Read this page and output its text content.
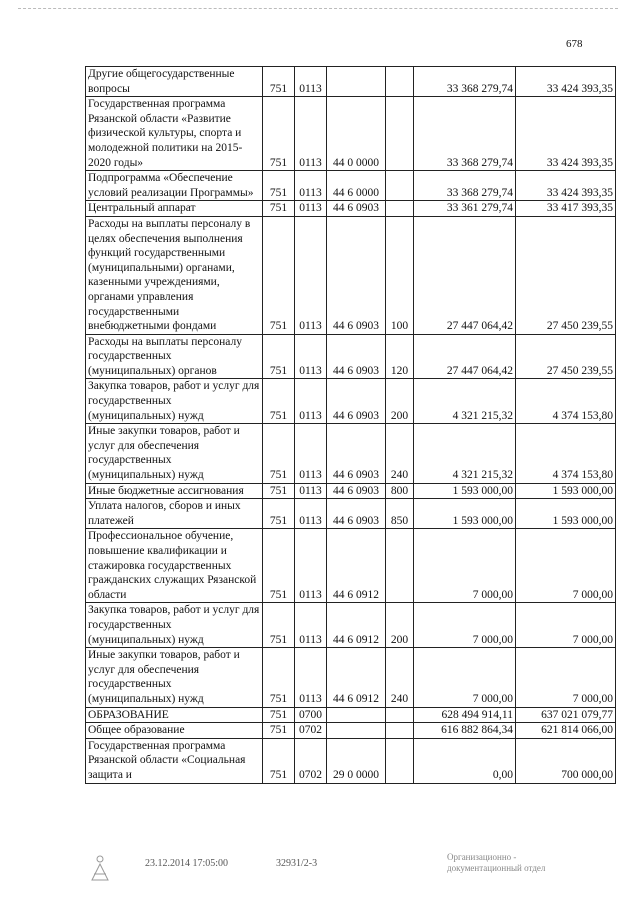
678
Другие общегосударственные вопросы	751	0113			33 368 279,74	33 424 393,35
Государственная программа Рязанской области «Развитие физической культуры, спорта и молодежной политики на 2015-2020 годы»	751	0113	44 0 0000		33 368 279,74	33 424 393,35
Подпрограмма «Обеспечение условий реализации Программы»	751	0113	44 6 0000		33 368 279,74	33 424 393,35
Центральный аппарат	751	0113	44 6 0903		33 361 279,74	33 417 393,35
Расходы на выплаты персоналу в целях обеспечения выполнения функций государственными (муниципальными) органами, казенными учреждениями, органами управления государственными внебюджетными фондами	751	0113	44 6 0903	100	27 447 064,42	27 450 239,55
Расходы на выплаты персоналу государственных (муниципальных) органов	751	0113	44 6 0903	120	27 447 064,42	27 450 239,55
Закупка товаров, работ и услуг для государственных (муниципальных) нужд	751	0113	44 6 0903	200	4 321 215,32	4 374 153,80
Иные закупки товаров, работ и услуг для обеспечения государственных (муниципальных) нужд	751	0113	44 6 0903	240	4 321 215,32	4 374 153,80
Иные бюджетные ассигнования	751	0113	44 6 0903	800	1 593 000,00	1 593 000,00
Уплата налогов, сборов и иных платежей	751	0113	44 6 0903	850	1 593 000,00	1 593 000,00
Профессиональное обучение, повышение квалификации и стажировка государственных гражданских служащих Рязанской области	751	0113	44 6 0912		7 000,00	7 000,00
Закупка товаров, работ и услуг для государственных (муниципальных) нужд	751	0113	44 6 0912	200	7 000,00	7 000,00
Иные закупки товаров, работ и услуг для обеспечения государственных (муниципальных) нужд	751	0113	44 6 0912	240	7 000,00	7 000,00
ОБРАЗОВАНИЕ	751	0700			628 494 914,11	637 021 079,77
Общее образование	751	0702			616 882 864,34	621 814 066,00
Государственная программа Рязанской области «Социальная защита и	751	0702	29 0 0000		0,00	700 000,00
23.12.2014 17:05:00	32931/2-3
Организационно - документационный отдел
